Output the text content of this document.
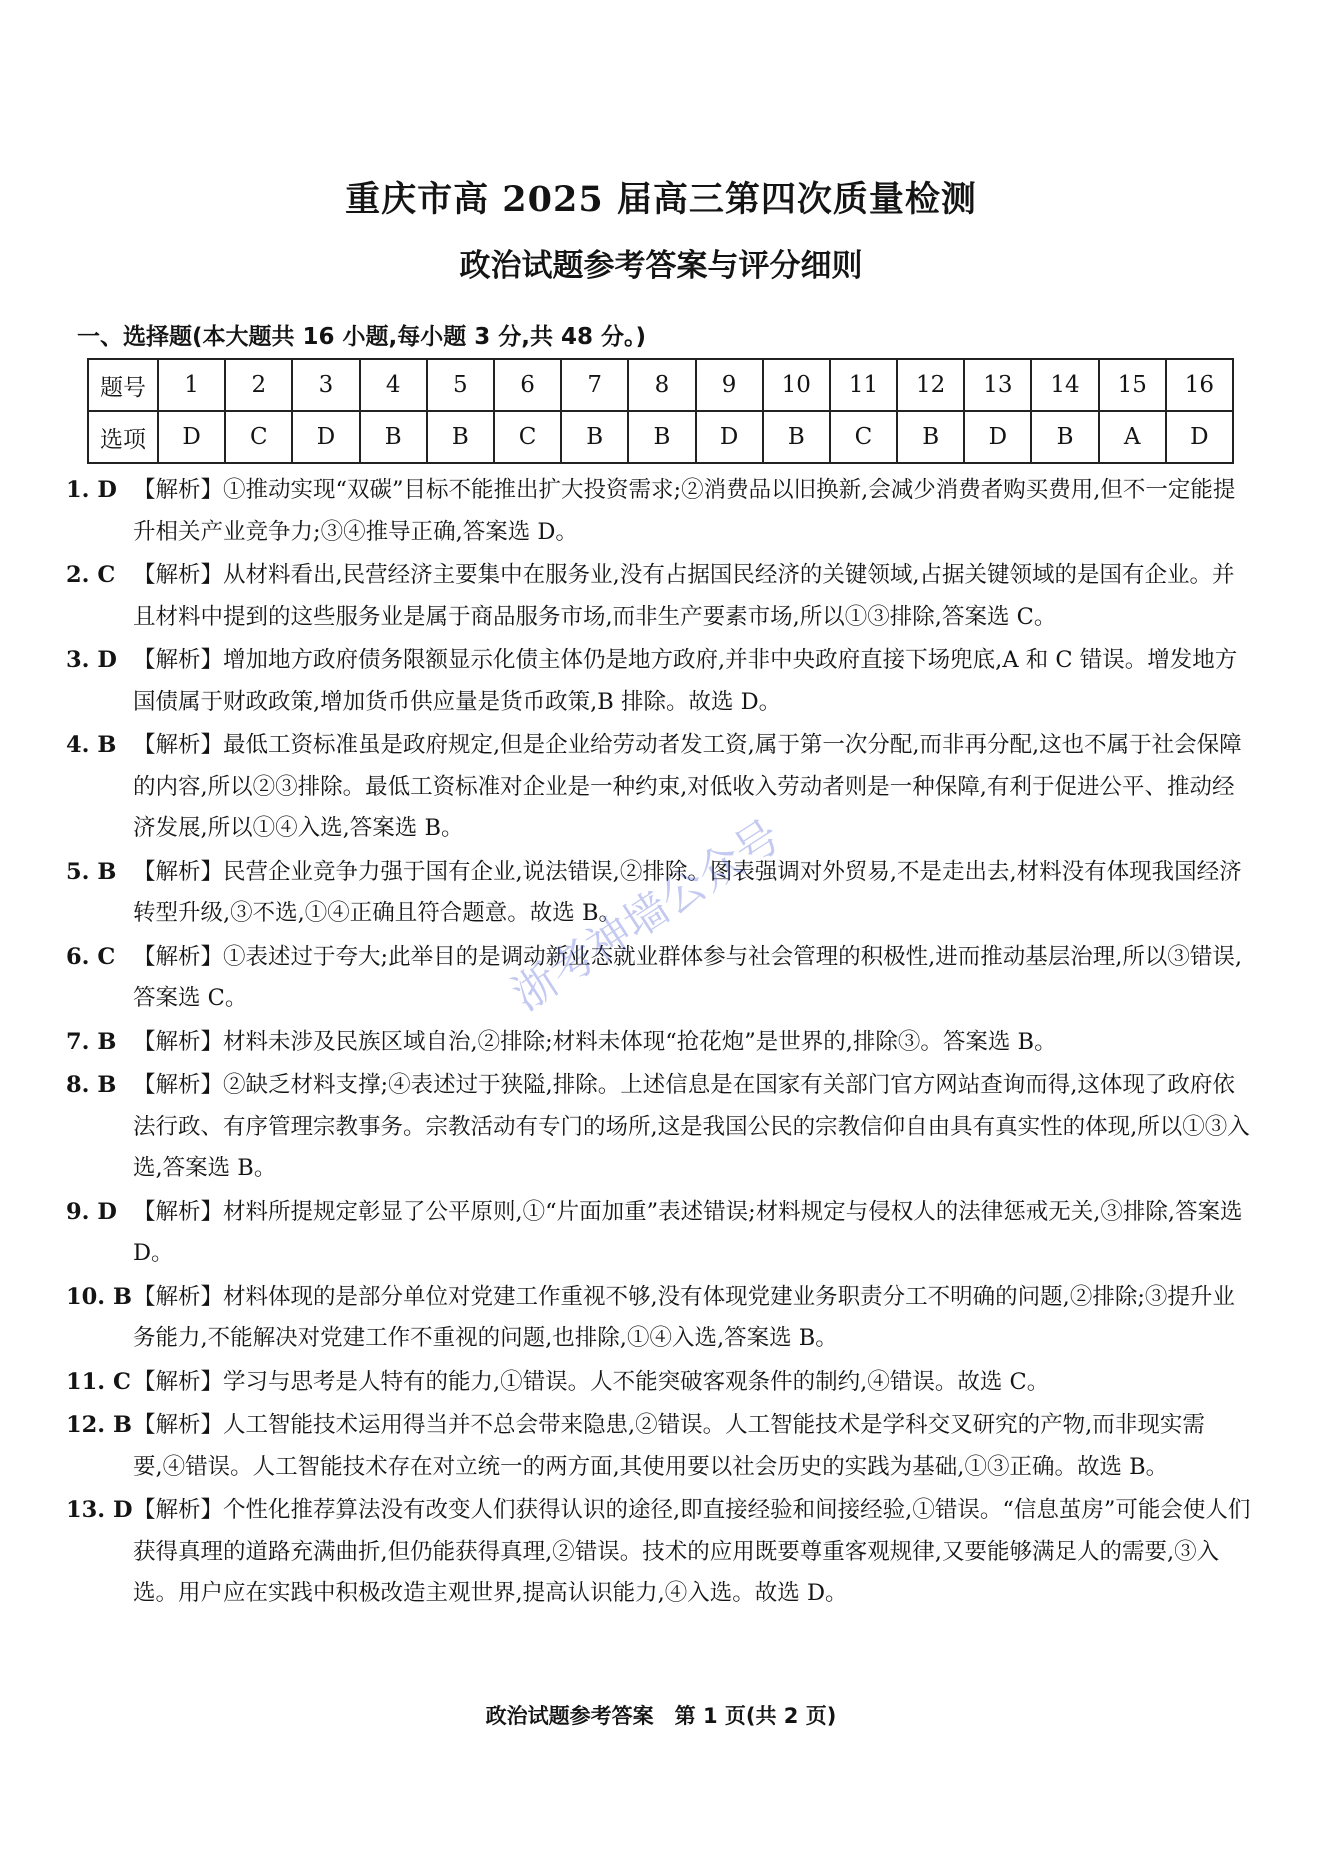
重庆市高 2025 届高三第四次质量检测
政治试题参考答案与评分细则
一、选择题(本大题共 16 小题,每小题 3 分,共 48 分。)
题号	1	2	3	4	5	6	7	8	9	10	11	12	13	14	15	16
选项	D	C	D	B	B	C	B	B	D	B	C	B	D	B	A	D
1. D 【解析】①推动实现“双碳”目标不能推出扩大投资需求;②消费品以旧换新,会减少消费者购买费用,但不一定能提升相关产业竞争力;③④推导正确,答案选 D。
2. C 【解析】从材料看出,民营经济主要集中在服务业,没有占据国民经济的关键领域,占据关键领域的是国有企业。并且材料中提到的这些服务业是属于商品服务市场,而非生产要素市场,所以①③排除,答案选 C。
3. D 【解析】增加地方政府债务限额显示化债主体仍是地方政府,并非中央政府直接下场兜底,A 和 C 错误。增发地方国债属于财政政策,增加货币供应量是货币政策,B 排除。故选 D。
4. B 【解析】最低工资标准虽是政府规定,但是企业给劳动者发工资,属于第一次分配,而非再分配,这也不属于社会保障的内容,所以②③排除。最低工资标准对企业是一种约束,对低收入劳动者则是一种保障,有利于促进公平、推动经济发展,所以①④入选,答案选 B。
5. B 【解析】民营企业竞争力强于国有企业,说法错误,②排除。图表强调对外贸易,不是走出去,材料没有体现我国经济转型升级,③不选,①④正确且符合题意。故选 B。
6. C 【解析】①表述过于夸大;此举目的是调动新业态就业群体参与社会管理的积极性,进而推动基层治理,所以③错误,答案选 C。
7. B 【解析】材料未涉及民族区域自治,②排除;材料未体现“抢花炮”是世界的,排除③。答案选 B。
8. B 【解析】②缺乏材料支撑;④表述过于狭隘,排除。上述信息是在国家有关部门官方网站查询而得,这体现了政府依法行政、有序管理宗教事务。宗教活动有专门的场所,这是我国公民的宗教信仰自由具有真实性的体现,所以①③入选,答案选 B。
9. D 【解析】材料所提规定彰显了公平原则,①“片面加重”表述错误;材料规定与侵权人的法律惩戒无关,③排除,答案选 D。
10. B 【解析】材料体现的是部分单位对党建工作重视不够,没有体现党建业务职责分工不明确的问题,②排除;③提升业务能力,不能解决对党建工作不重视的问题,也排除,①④入选,答案选 B。
11. C 【解析】学习与思考是人特有的能力,①错误。人不能突破客观条件的制约,④错误。故选 C。
12. B 【解析】人工智能技术运用得当并不总会带来隐患,②错误。人工智能技术是学科交叉研究的产物,而非现实需要,④错误。人工智能技术存在对立统一的两方面,其使用要以社会历史的实践为基础,①③正确。故选 B。
13. D 【解析】个性化推荐算法没有改变人们获得认识的途径,即直接经验和间接经验,①错误。“信息茧房”可能会使人们获得真理的道路充满曲折,但仍能获得真理,②错误。技术的应用既要尊重客观规律,又要能够满足人的需要,③入选。用户应在实践中积极改造主观世界,提高认识能力,④入选。故选 D。
浙考神墙公众号
政治试题参考答案　第 1 页(共 2 页)
